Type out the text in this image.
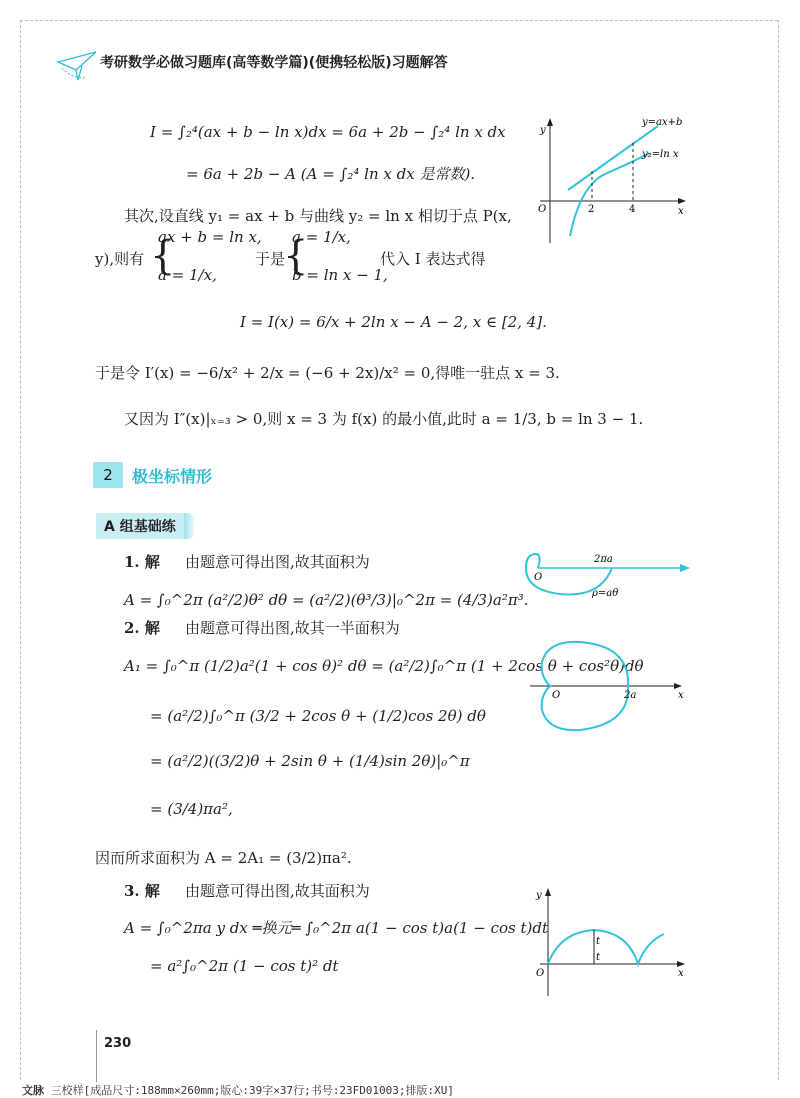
考研数学必做习题库(高等数学篇)(便携轻松版)习题解答
I = ∫₂⁴(ax + b − ln x)dx = 6a + 2b − ∫₂⁴ ln x dx
= 6a + 2b − A (A = ∫₂⁴ ln x dx 是常数).
其次,设直线 y₁ = ax + b 与曲线 y₂ = ln x 相切于点 P(x,
y),则有
ax + b = ln x,
a = 1/x,
于是
a = 1/x,
b = ln x − 1,
{	{	代入 I 表达式得
I = I(x) = 6/x + 2ln x − A − 2, x ∈ [2, 4].
于是令 I′(x) = −6/x² + 2/x = (−6 + 2x)/x² = 0,得唯一驻点 x = 3.
又因为 I″(x)|ₓ₌₃ > 0,则 x = 3 为 f(x) 的最小值,此时 a = 1/3, b = ln 3 − 1.
y
x
O	2	4
y=ax+b
y₂=ln x
2	极坐标情形
A 组基础练
1. 解 由题意可得出图,故其面积为
A = ∫₀^2π (a²/2)θ² dθ = (a²/2)(θ³/3)|₀^2π = (4/3)a²π³.
O
2πa
ρ=aθ
2. 解 由题意可得出图,故其一半面积为
A₁ = ∫₀^π (1/2)a²(1 + cos θ)² dθ = (a²/2)∫₀^π (1 + 2cos θ + cos²θ)dθ
= (a²/2)∫₀^π (3/2 + 2cos θ + (1/2)cos 2θ) dθ
= (a²/2)((3/2)θ + 2sin θ + (1/4)sin 2θ)|₀^π
= (3/4)πa²,
因而所求面积为 A = 2A₁ = (3/2)πa².
O	2a	x
3. 解 由题意可得出图,故其面积为
A = ∫₀^2πa y dx ═换元═ ∫₀^2π a(1 − cos t)a(1 − cos t)dt
= a²∫₀^2π (1 − cos t)² dt
y
x
O
t
t
230
文脉 三校样[成品尺寸:188mm×260mm;版心:39字×37行;书号:23FD01003;排版:XU]
